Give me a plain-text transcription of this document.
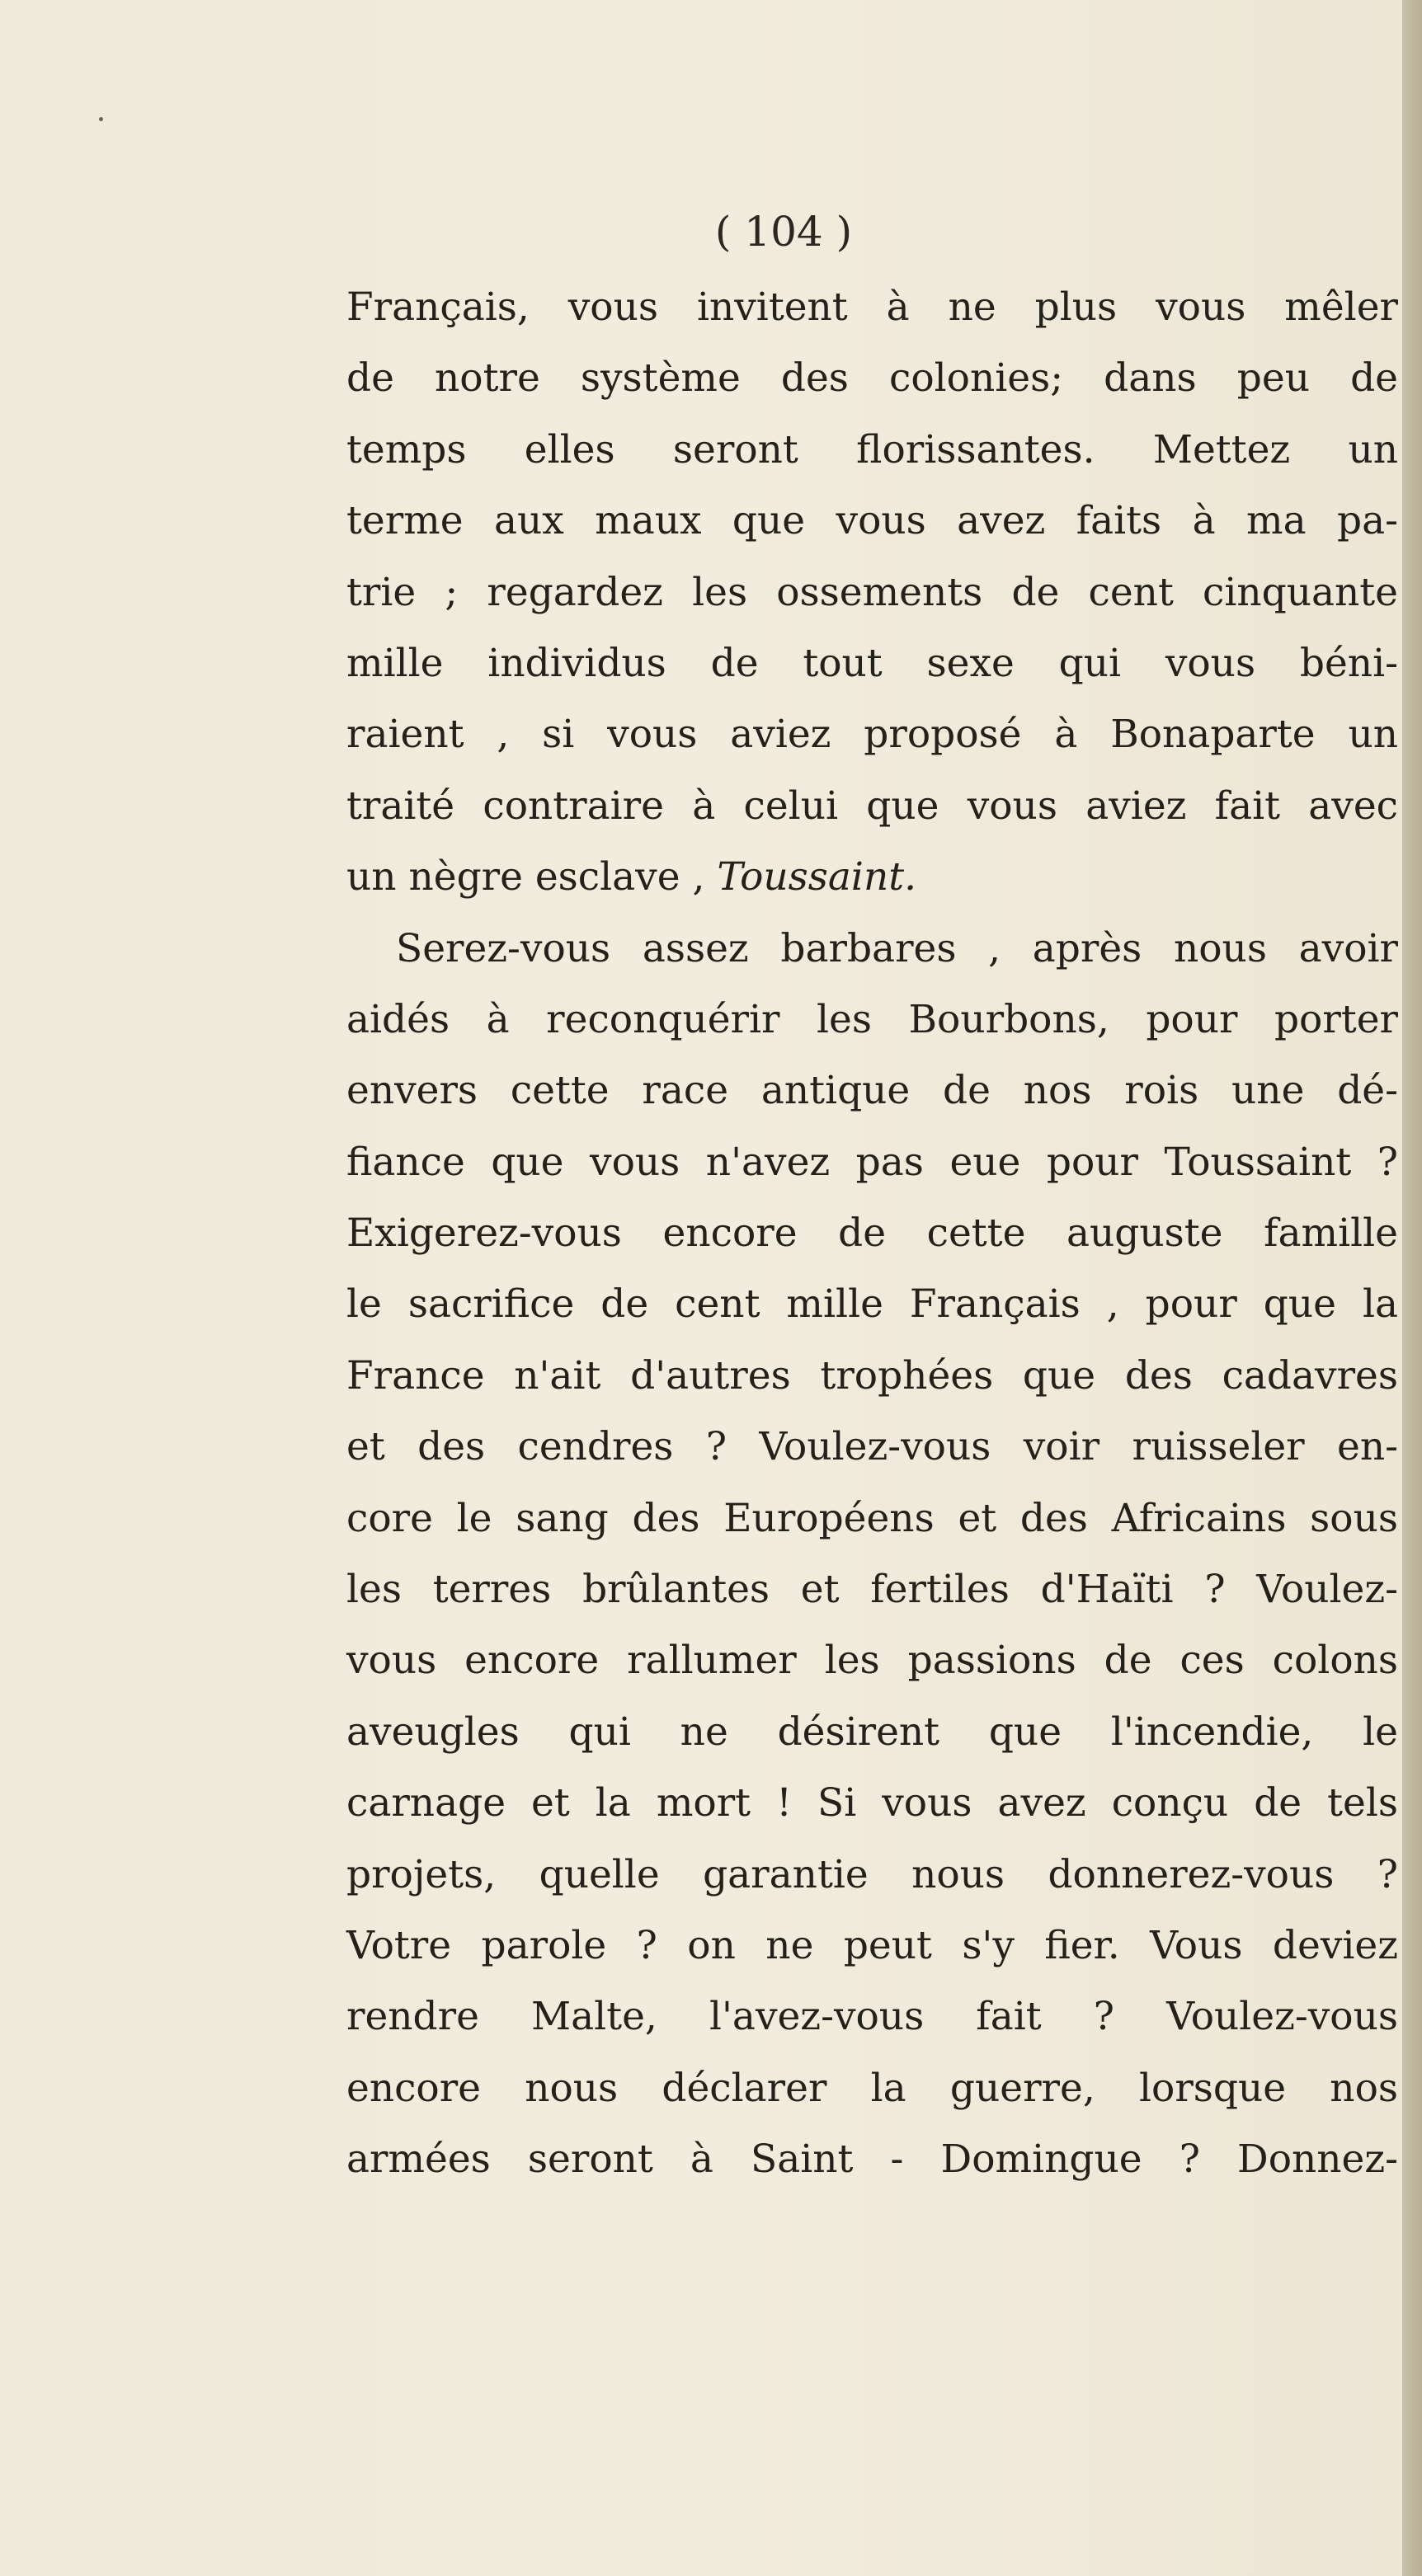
( 104 )

Français, vous invitent à ne plus vous mêler
de notre système des colonies; dans peu de
temps elles seront florissantes. Mettez un
terme aux maux que vous avez faits à ma pa-
trie ; regardez les ossements de cent cinquante
mille individus de tout sexe qui vous béni-
raient , si vous aviez proposé à Bonaparte un
traité contraire à celui que vous aviez fait avec
un nègre esclave , Toussaint.
Serez-vous assez barbares , après nous avoir
aidés à reconquérir les Bourbons, pour porter
envers cette race antique de nos rois une dé-
fiance que vous n'avez pas eue pour Toussaint ?
Exigerez-vous encore de cette auguste famille
le sacrifice de cent mille Français , pour que la
France n'ait d'autres trophées que des cadavres
et des cendres ? Voulez-vous voir ruisseler en-
core le sang des Européens et des Africains sous
les terres brûlantes et fertiles d'Haïti ? Voulez-
vous encore rallumer les passions de ces colons
aveugles qui ne désirent que l'incendie, le
carnage et la mort ! Si vous avez conçu de tels
projets, quelle garantie nous donnerez-vous ?
Votre parole ? on ne peut s'y fier. Vous deviez
rendre Malte, l'avez-vous fait ? Voulez-vous
encore nous déclarer la guerre, lorsque nos
armées seront à Saint - Domingue ? Donnez-
